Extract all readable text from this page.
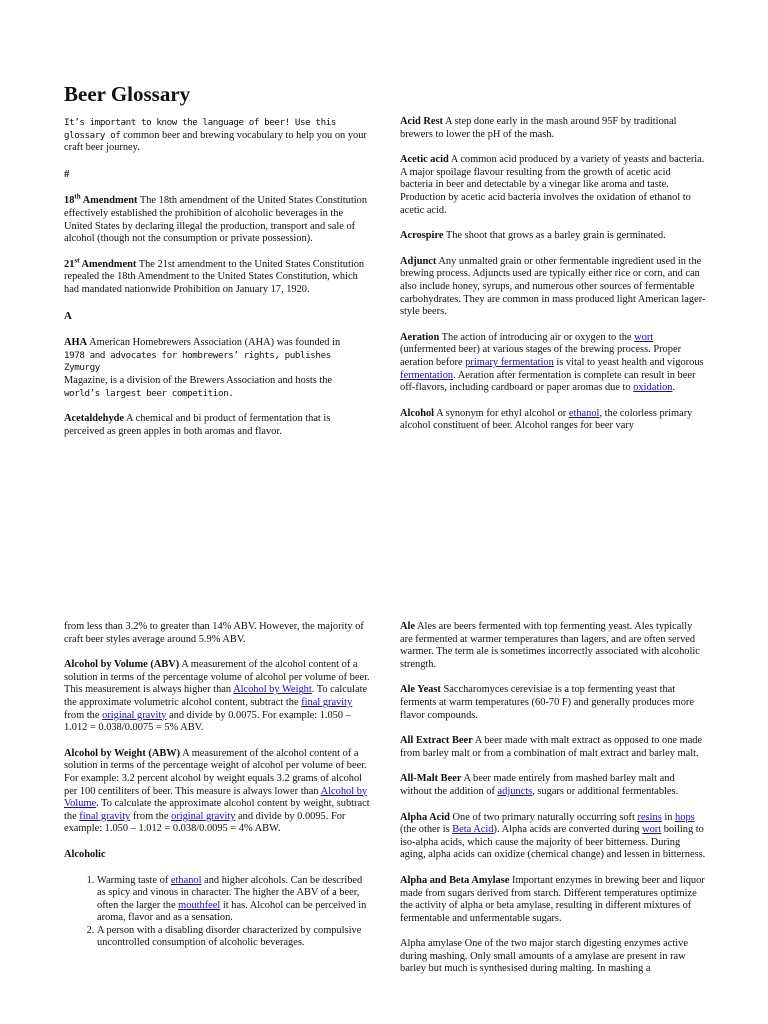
Beer Glossary

It’s important to know the language of beer! Use this glossary of common beer and brewing vocabulary to help you on your craft beer journey.

#

18th Amendment The 18th amendment of the United States Constitution effectively established the prohibition of alcoholic beverages in the United States by declaring illegal the production, transport and sale of alcohol (though not the consumption or private possession).

21st Amendment The 21st amendment to the United States Constitution repealed the 18th Amendment to the United States Constitution, which had mandated nationwide Prohibition on January 17, 1920.

A

AHA American Homebrewers Association (AHA) was founded in
1978 and advocates for hombrewers’ rights, publishes Zymurgy
Magazine, is a division of the Brewers Association and hosts the
world’s largest beer competition.

Acetaldehyde A chemical and bi product of fermentation that is perceived as green apples in both aromas and flavor.

Acid Rest A step done early in the mash around 95F by traditional brewers to lower the pH of the mash.

Acetic acid A common acid produced by a variety of yeasts and bacteria. A major spoilage flavour resulting from the growth of acetic acid bacteria in beer and detectable by a vinegar like aroma and taste. Production by acetic acid bacteria involves the oxidation of ethanol to acetic acid.

Acrospire The shoot that grows as a barley grain is germinated.

Adjunct Any unmalted grain or other fermentable ingredient used in the brewing process. Adjuncts used are typically either rice or corn, and can also include honey, syrups, and numerous other sources of fermentable carbohydrates. They are common in mass produced light American lager-style beers.

Aeration The action of introducing air or oxygen to the wort (unfermented beer) at various stages of the brewing process. Proper aeration before primary fermentation is vital to yeast health and vigorous fermentation. Aeration after fermentation is complete can result in beer off-flavors, including cardboard or paper aromas due to oxidation.

Alcohol A synonym for ethyl alcohol or ethanol, the colorless primary alcohol constituent of beer. Alcohol ranges for beer vary

from less than 3.2% to greater than 14% ABV. However, the majority of craft beer styles average around 5.9% ABV.

Alcohol by Volume (ABV) A measurement of the alcohol content of a solution in terms of the percentage volume of alcohol per volume of beer. This measurement is always higher than Alcohol by Weight. To calculate the approximate volumetric alcohol content, subtract the final gravity from the original gravity and divide by 0.0075. For example: 1.050 – 1.012 = 0.038/0.0075 = 5% ABV.

Alcohol by Weight (ABW) A measurement of the alcohol content of a solution in terms of the percentage weight of alcohol per volume of beer. For example: 3.2 percent alcohol by weight equals 3.2 grams of alcohol per 100 centiliters of beer. This measure is always lower than Alcohol by Volume. To calculate the approximate alcohol content by weight, subtract the final gravity from the original gravity and divide by 0.0095. For example: 1.050 – 1.012 = 0.038/0.0095 = 4% ABW.

Alcoholic

1. Warming taste of ethanol and higher alcohols. Can be described as spicy and vinous in character. The higher the ABV of a beer, often the larger the mouthfeel it has. Alcohol can be perceived in aroma, flavor and as a sensation.
2. A person with a disabling disorder characterized by compulsive uncontrolled consumption of alcoholic beverages.

Ale Ales are beers fermented with top fermenting yeast. Ales typically are fermented at warmer temperatures than lagers, and are often served warmer. The term ale is sometimes incorrectly associated with alcoholic strength.

Ale Yeast Saccharomyces cerevisiae is a top fermenting yeast that ferments at warm temperatures (60-70 F) and generally produces more flavor compounds.

All Extract Beer A beer made with malt extract as opposed to one made from barley malt or from a combination of malt extract and barley malt.

All-Malt Beer A beer made entirely from mashed barley malt and without the addition of adjuncts, sugars or additional fermentables.

Alpha Acid One of two primary naturally occurring soft resins in hops (the other is Beta Acid). Alpha acids are converted during wort boiling to iso-alpha acids, which cause the majority of beer bitterness. During aging, alpha acids can oxidize (chemical change) and lessen in bitterness.

Alpha and Beta Amylase Important enzymes in brewing beer and liquor made from sugars derived from starch. Different temperatures optimize the activity of alpha or beta amylase, resulting in different mixtures of fermentable and unfermentable sugars.

Alpha amylase One of the two major starch digesting enzymes active during mashing. Only small amounts of a amylase are present in raw barley but much is synthesised during malting. In mashing a
